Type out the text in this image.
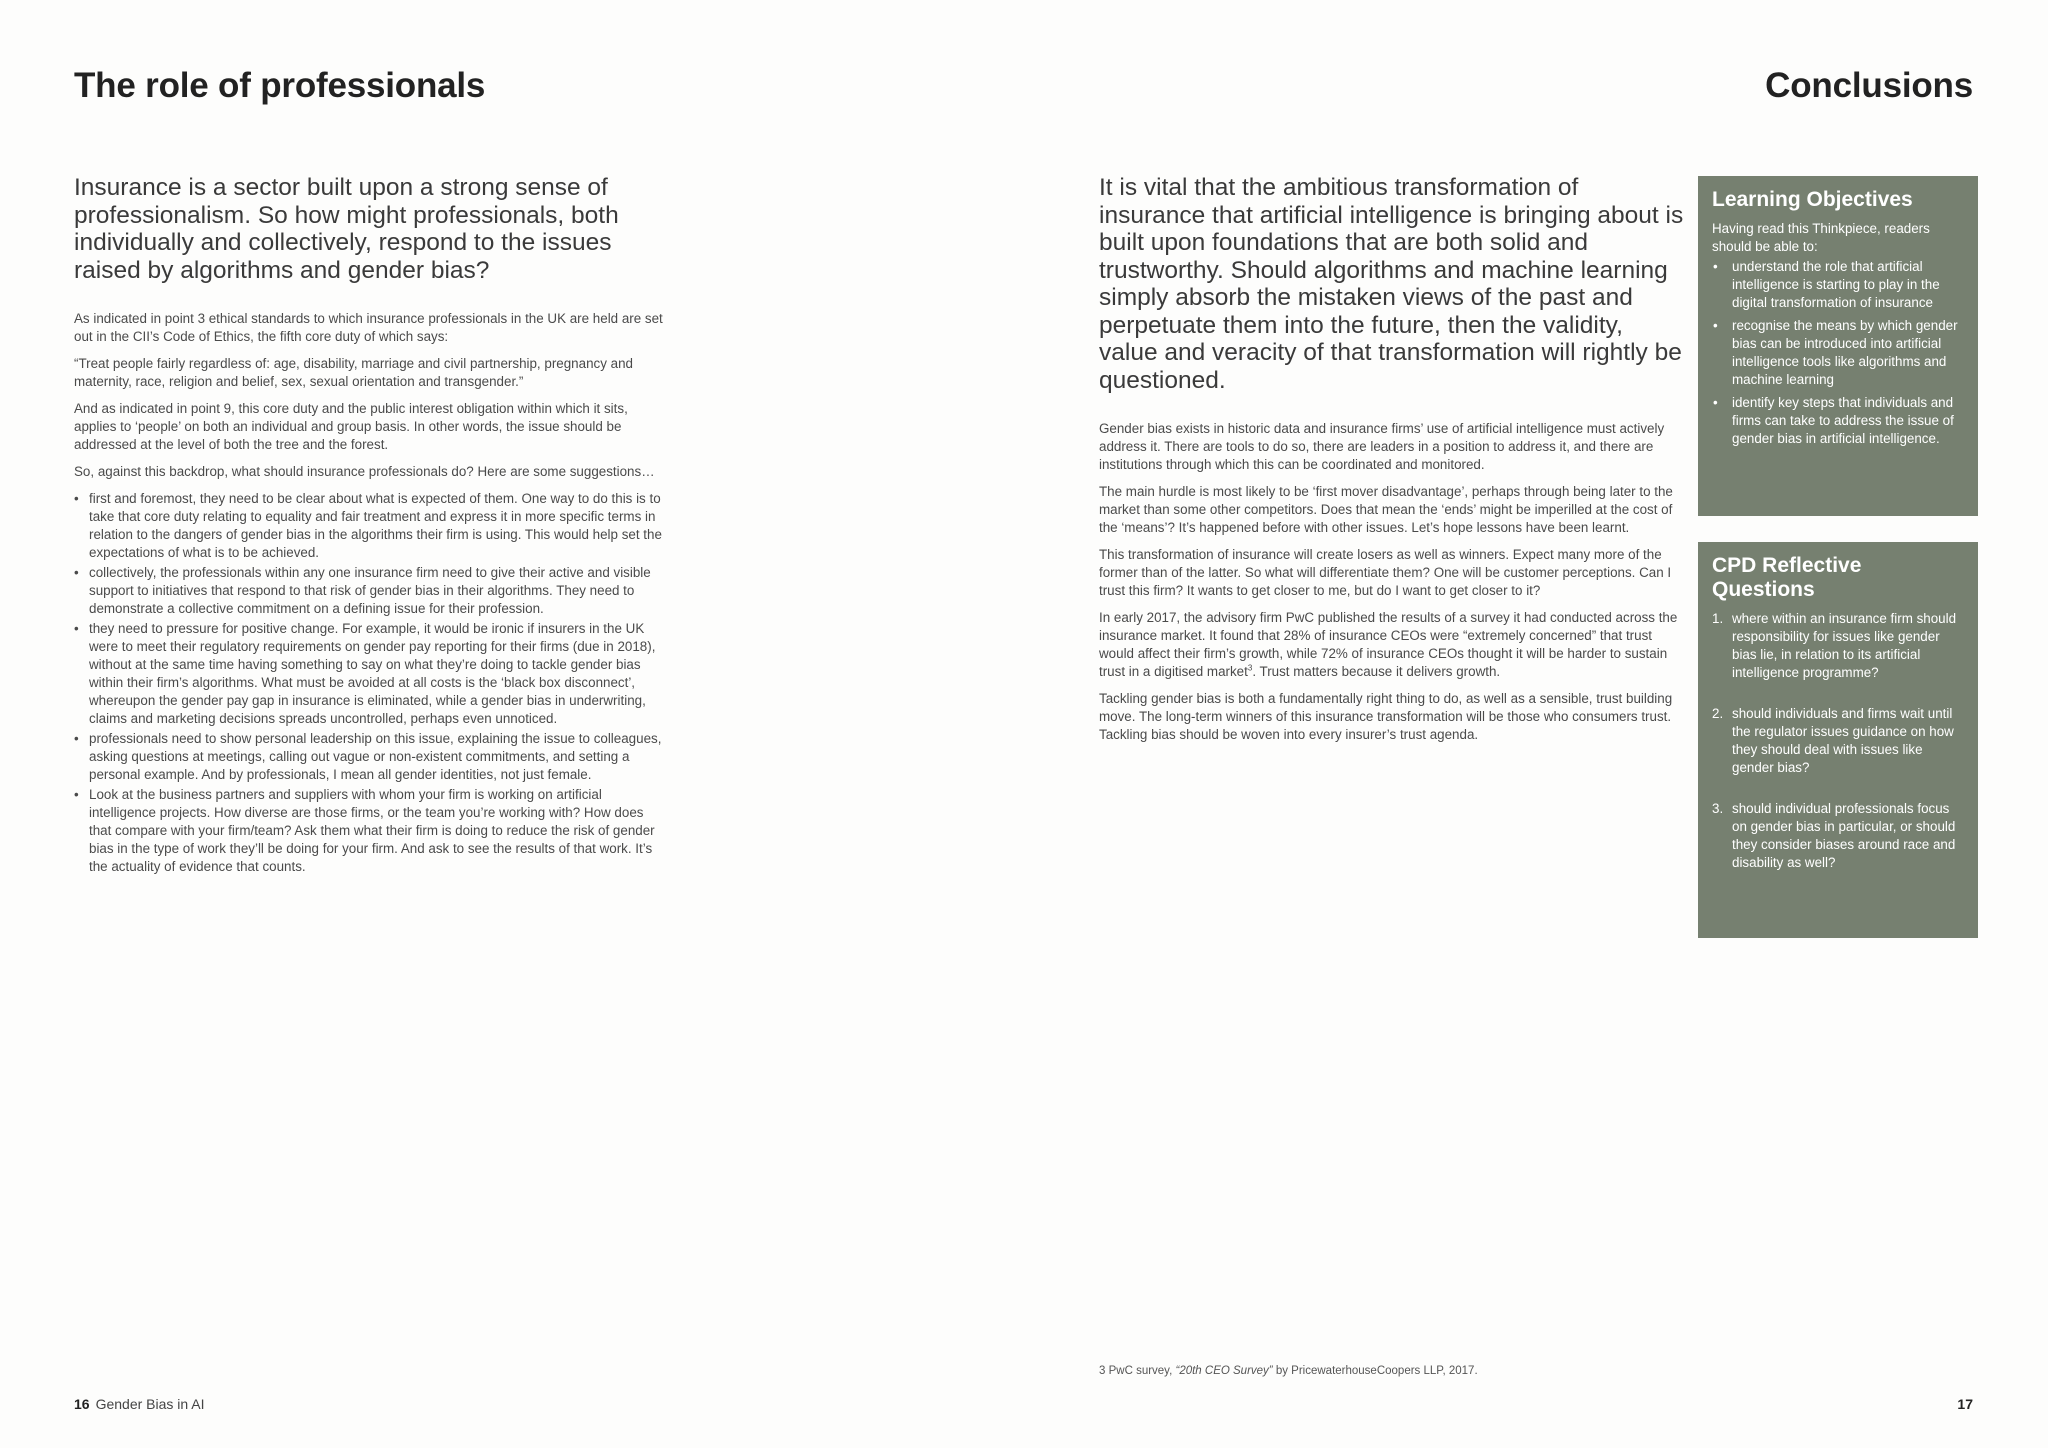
The role of professionals

Insurance is a sector built upon a strong sense of professionalism. So how might professionals, both individually and collectively, respond to the issues raised by algorithms and gender bias?

As indicated in point 3 ethical standards to which insurance professionals in the UK are held are set out in the CII’s Code of Ethics, the fifth core duty of which says:

“Treat people fairly regardless of: age, disability, marriage and civil partnership, pregnancy and maternity, race, religion and belief, sex, sexual orientation and transgender.”

And as indicated in point 9, this core duty and the public interest obligation within which it sits, applies to ‘people’ on both an individual and group basis. In other words, the issue should be addressed at the level of both the tree and the forest.

So, against this backdrop, what should insurance professionals do? Here are some suggestions…

• first and foremost, they need to be clear about what is expected of them. One way to do this is to take that core duty relating to equality and fair treatment and express it in more specific terms in relation to the dangers of gender bias in the algorithms their firm is using. This would help set the expectations of what is to be achieved.
• collectively, the professionals within any one insurance firm need to give their active and visible support to initiatives that respond to that risk of gender bias in their algorithms. They need to demonstrate a collective commitment on a defining issue for their profession.
• they need to pressure for positive change. For example, it would be ironic if insurers in the UK were to meet their regulatory requirements on gender pay reporting for their firms (due in 2018), without at the same time having something to say on what they’re doing to tackle gender bias within their firm’s algorithms. What must be avoided at all costs is the ‘black box disconnect’, whereupon the gender pay gap in insurance is eliminated, while a gender bias in underwriting, claims and marketing decisions spreads uncontrolled, perhaps even unnoticed.
• professionals need to show personal leadership on this issue, explaining the issue to colleagues, asking questions at meetings, calling out vague or non-existent commitments, and setting a personal example. And by professionals, I mean all gender identities, not just female.
• Look at the business partners and suppliers with whom your firm is working on artificial intelligence projects. How diverse are those firms, or the team you’re working with? How does that compare with your firm/team? Ask them what their firm is doing to reduce the risk of gender bias in the type of work they’ll be doing for your firm. And ask to see the results of that work. It’s the actuality of evidence that counts.
16 Gender Bias in AI
Conclusions

It is vital that the ambitious transformation of insurance that artificial intelligence is bringing about is built upon foundations that are both solid and trustworthy. Should algorithms and machine learning simply absorb the mistaken views of the past and perpetuate them into the future, then the validity, value and veracity of that transformation will rightly be questioned.

Gender bias exists in historic data and insurance firms’ use of artificial intelligence must actively address it. There are tools to do so, there are leaders in a position to address it, and there are institutions through which this can be coordinated and monitored.

The main hurdle is most likely to be ‘first mover disadvantage’, perhaps through being later to the market than some other competitors. Does that mean the ‘ends’ might be imperilled at the cost of the ‘means’? It’s happened before with other issues. Let’s hope lessons have been learnt.

This transformation of insurance will create losers as well as winners. Expect many more of the former than of the latter. So what will differentiate them? One will be customer perceptions. Can I trust this firm? It wants to get closer to me, but do I want to get closer to it?

In early 2017, the advisory firm PwC published the results of a survey it had conducted across the insurance market. It found that 28% of insurance CEOs were “extremely concerned” that trust would affect their firm’s growth, while 72% of insurance CEOs thought it will be harder to sustain trust in a digitised market$^3$. Trust matters because it delivers growth.

Tackling gender bias is both a fundamentally right thing to do, as well as a sensible, trust building move. The long-term winners of this insurance transformation will be those who consumers trust. Tackling bias should be woven into every insurer’s trust agenda.

Learning Objectives

Having read this Thinkpiece, readers should be able to:

• understand the role that artificial intelligence is starting to play in the digital transformation of insurance
• recognise the means by which gender bias can be introduced into artificial intelligence tools like algorithms and machine learning
• identify key steps that individuals and firms can take to address the issue of gender bias in artificial intelligence.
CPD Reflective Questions
1. where within an insurance firm should responsibility for issues like gender bias lie, in relation to its artificial intelligence programme?
2. should individuals and firms wait until the regulator issues guidance on how they should deal with issues like gender bias?
3. should individual professionals focus on gender bias in particular, or should they consider biases around race and disability as well?
3 PwC survey, “20th CEO Survey” by PricewaterhouseCoopers LLP, 2017.
17
